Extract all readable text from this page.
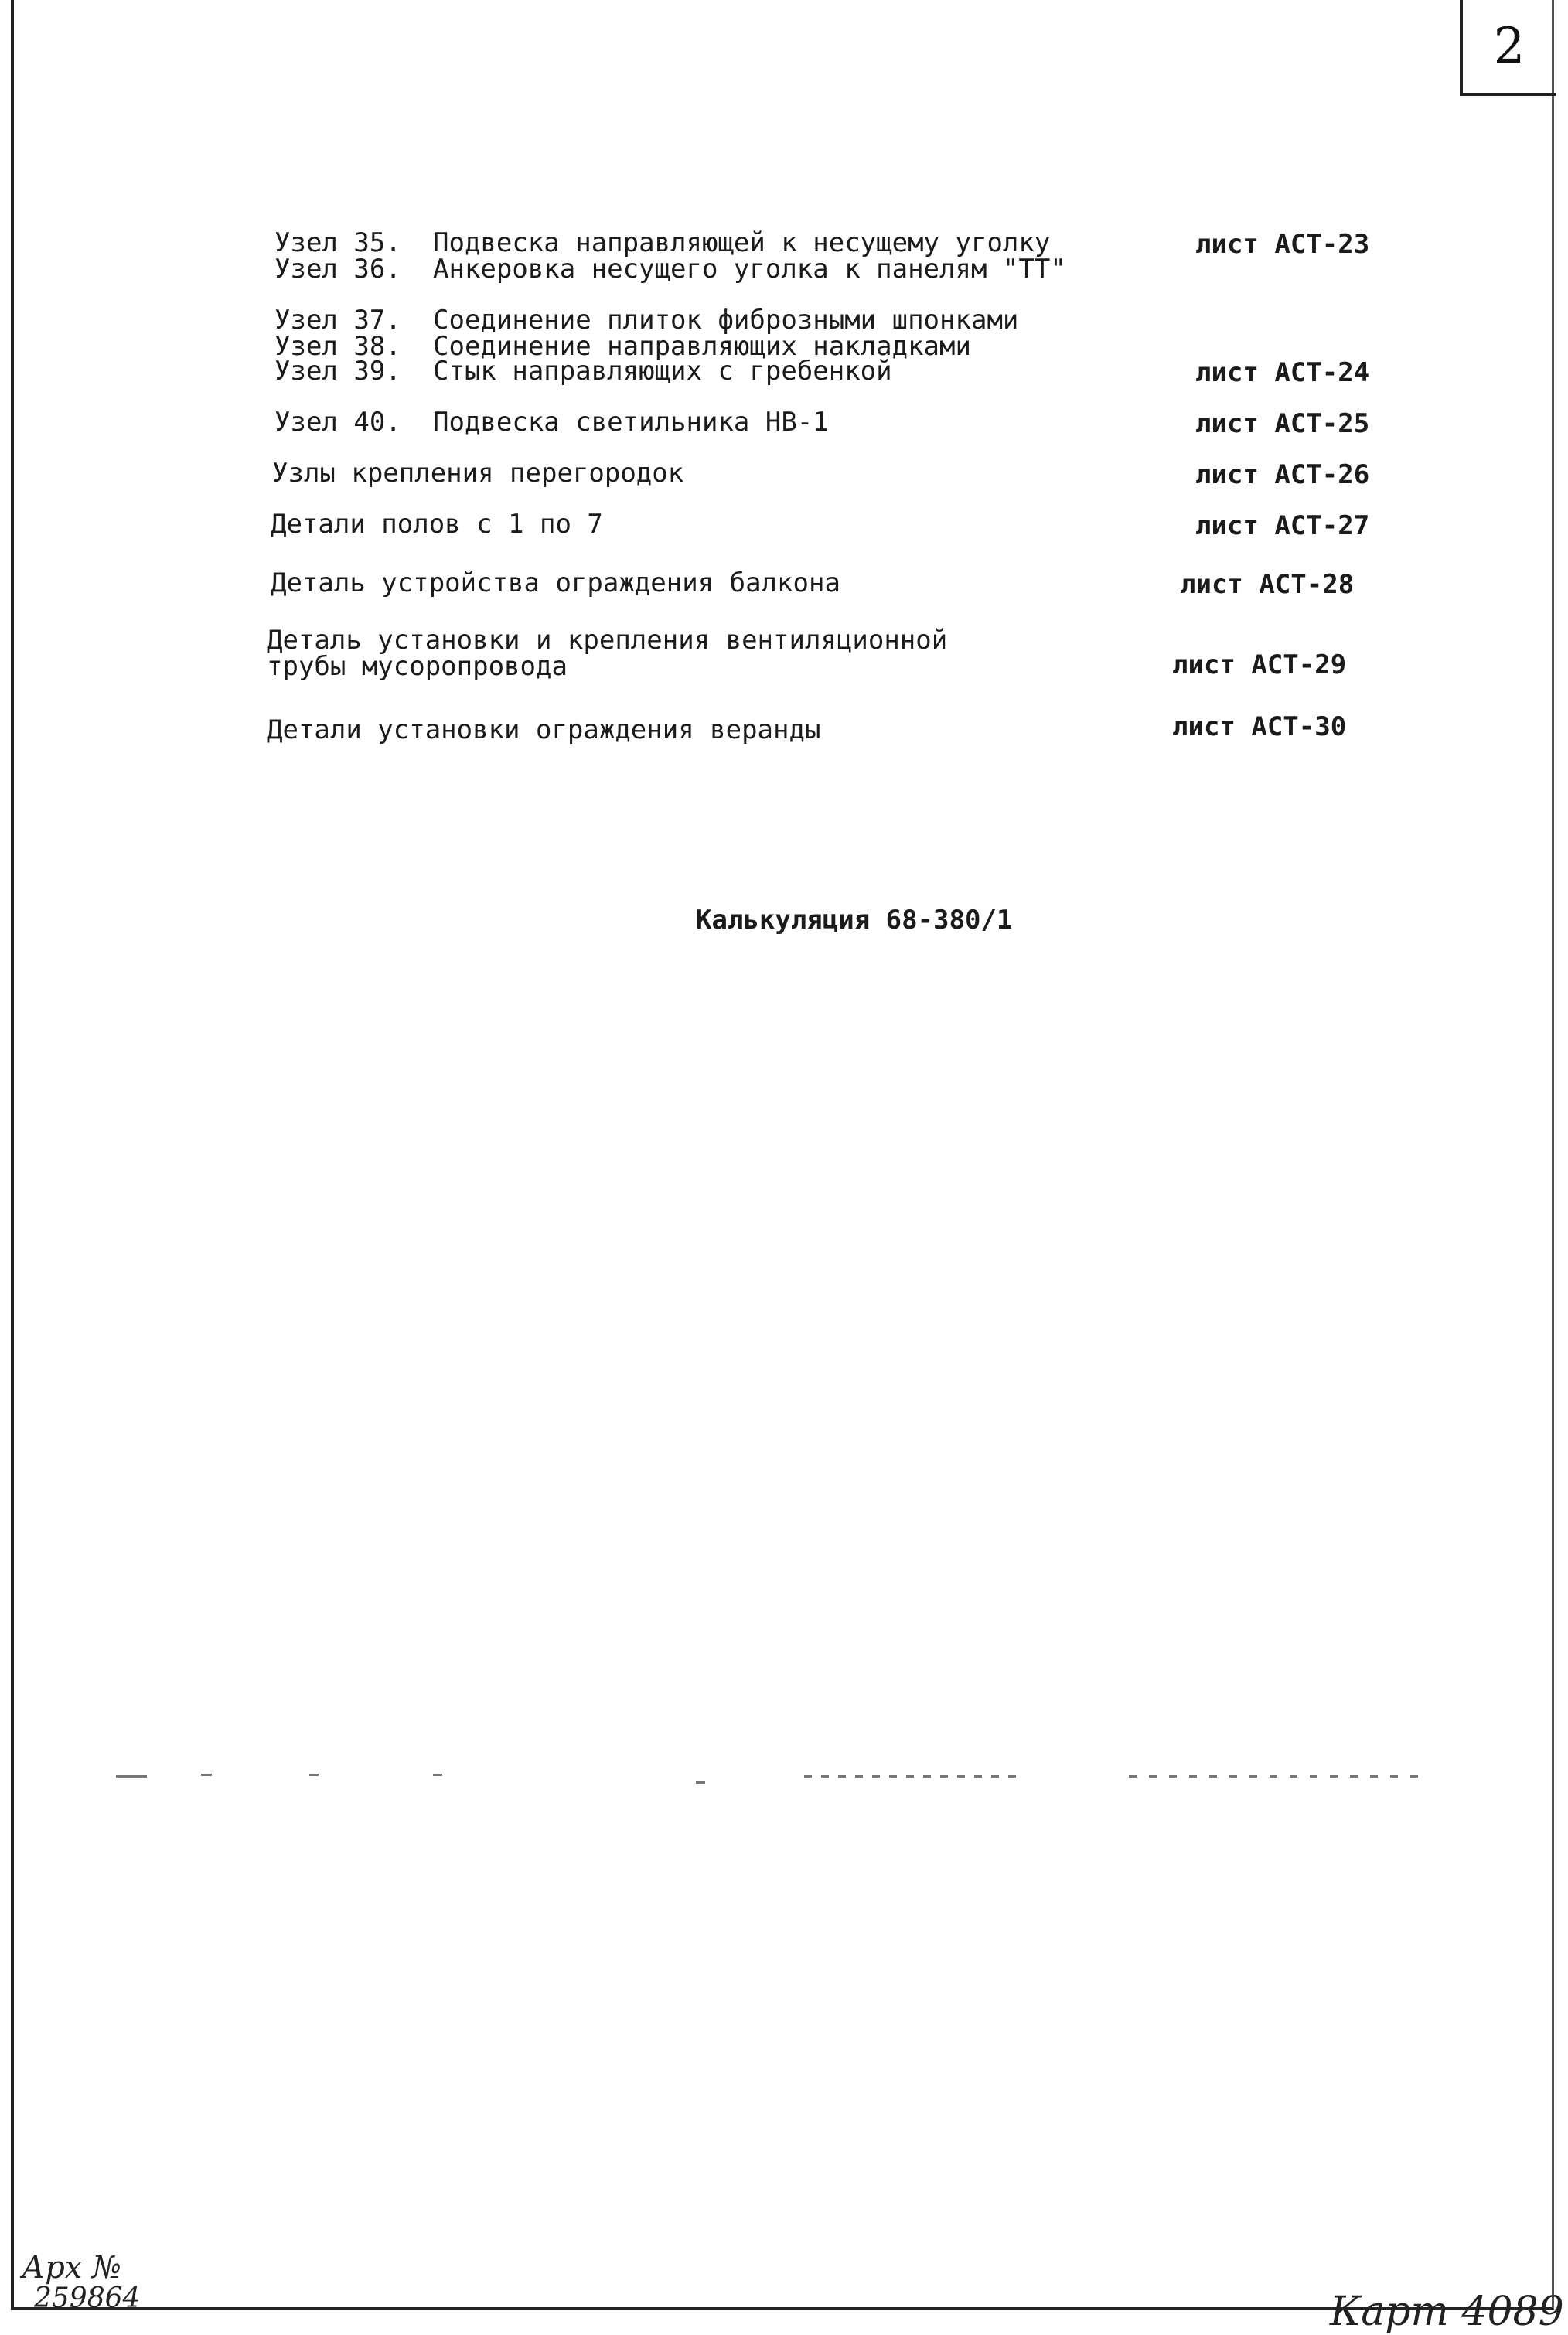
2
Узел 35. Подвеска направляющей к несущему уголку
Узел 36. Анкеровка несущего уголка к панелям "ТТ"
Узел 37. Соединение плиток фиброзными шпонками
Узел 38. Соединение направляющих накладками
Узел 39. Стык направляющих с гребенкой
Узел 40. Подвеска светильника НВ-1
Узлы крепления перегородок
Детали полов с 1 по 7
Деталь устройства ограждения балкона
Деталь установки и крепления вентиляционной
трубы мусоропровода
Детали установки ограждения веранды
лист АСТ-23
лист АСТ-24
лист АСТ-25
лист АСТ-26
лист АСТ-27
лист АСТ-28
лист АСТ-29
лист АСТ-30
Калькуляция 68-380/1
Арх №
259864	Карт 4089
